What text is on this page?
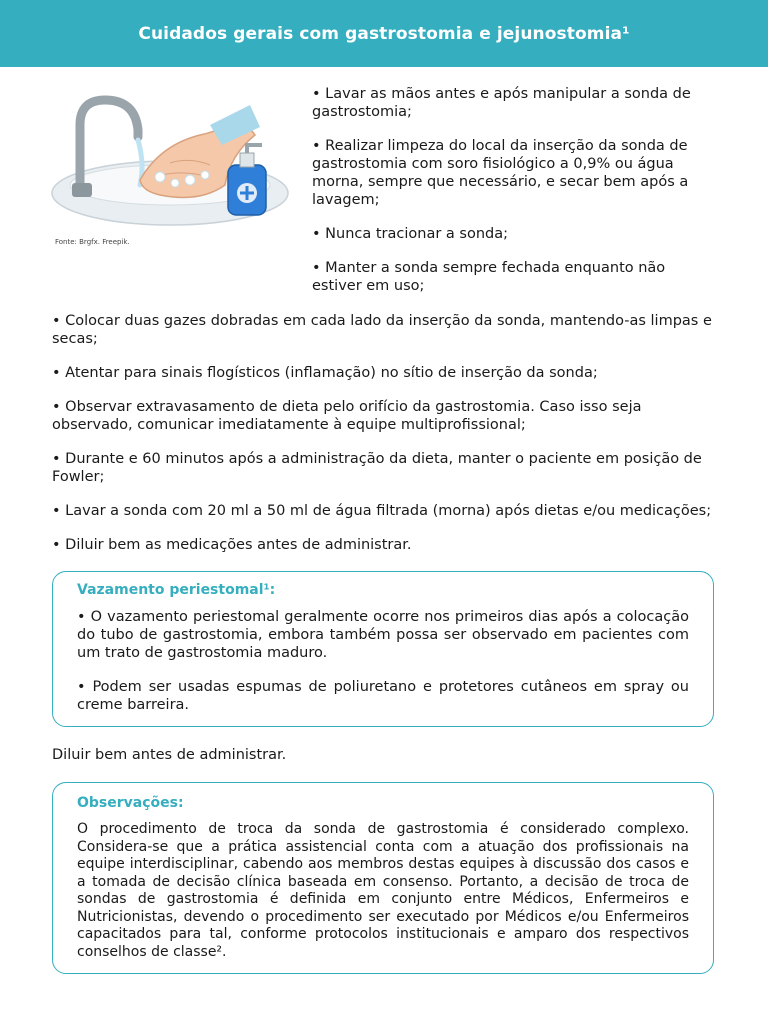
Cuidados gerais com gastrostomia e jejunostomia¹
Fonte: Brgfx. Freepik.

• Lavar as mãos antes e após manipular a sonda de gastrostomia;

• Realizar limpeza do local da inserção da sonda de gastrostomia com soro fisiológico a 0,9% ou água morna, sempre que necessário, e secar bem após a lavagem;

• Nunca tracionar a sonda;

• Manter a sonda sempre fechada enquanto não estiver em uso;

• Colocar duas gazes dobradas em cada lado da inserção da sonda, mantendo-as limpas e secas;

• Atentar para sinais flogísticos (inflamação) no sítio de inserção da sonda;

• Observar extravasamento de dieta pelo orifício da gastrostomia. Caso isso seja observado, comunicar imediatamente à equipe multiprofissional;

• Durante e 60 minutos após a administração da dieta, manter o paciente em posição de Fowler;

• Lavar a sonda com 20 ml a 50 ml de água filtrada (morna) após dietas e/ou medicações;

• Diluir bem as medicações antes de administrar.

Vazamento periestomal¹:

• O vazamento periestomal geralmente ocorre nos primeiros dias após a colocação do tubo de gastrostomia, embora também possa ser observado em pacientes com um trato de gastrostomia maduro.

• Podem ser usadas espumas de poliuretano e protetores cutâneos em spray ou creme barreira.

Diluir bem antes de administrar.

Observações:

O procedimento de troca da sonda de gastrostomia é considerado complexo. Considera-se que a prática assistencial conta com a atuação dos profissionais na equipe interdisciplinar, cabendo aos membros destas equipes à discussão dos casos e a tomada de decisão clínica baseada em consenso. Portanto, a decisão de troca de sondas de gastrostomia é definida em conjunto entre Médicos, Enfermeiros e Nutricionistas, devendo o procedimento ser executado por Médicos e/ou Enfermeiros capacitados para tal, conforme protocolos institucionais e amparo dos respectivos conselhos de classe².
